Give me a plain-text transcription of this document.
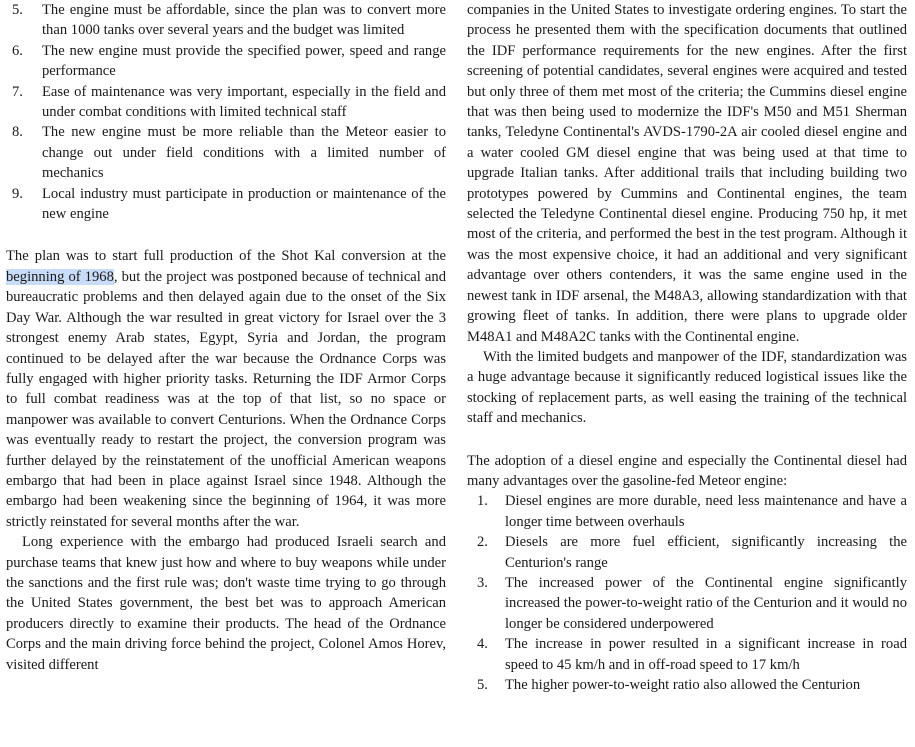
5.	The engine must be affordable, since the plan was to convert more than 1000 tanks over several years and the budget was limited
6.	The new engine must provide the specified power, speed and range performance
7.	Ease of maintenance was very important, especially in the field and under combat conditions with limited technical staff
8.	The new engine must be more reliable than the Meteor easier to change out under field conditions with a limited number of mechanics
9.	Local industry must participate in production or maintenance of the new engine

The plan was to start full production of the Shot Kal conversion at the beginning of 1968, but the project was postponed because of technical and bureaucratic problems and then delayed again due to the onset of the Six Day War. Although the war resulted in great victory for Israel over the 3 strongest enemy Arab states, Egypt, Syria and Jordan, the program continued to be delayed after the war because the Ordnance Corps was fully engaged with higher priority tasks. Returning the IDF Armor Corps to full combat readiness was at the top of that list, so no space or manpower was available to convert Centurions. When the Ordnance Corps was eventually ready to restart the project, the conversion program was further delayed by the reinstatement of the unofficial American weapons embargo that had been in place against Israel since 1948. Although the embargo had been weakening since the beginning of 1964, it was more strictly reinstated for several months after the war.

Long experience with the embargo had produced Israeli search and purchase teams that knew just how and where to buy weapons while under the sanctions and the first rule was; don't waste time trying to go through the United States government, the best bet was to approach American producers directly to examine their products. The head of the Ordnance Corps and the main driving force behind the project, Colonel Amos Horev, visited different

companies in the United States to investigate ordering engines. To start the process he presented them with the specification documents that outlined the IDF performance requirements for the new engines. After the first screening of potential candidates, several engines were acquired and tested but only three of them met most of the criteria; the Cummins diesel engine that was then being used to modernize the IDF's M50 and M51 Sherman tanks, Teledyne Continental's AVDS-1790-2A air cooled diesel engine and a water cooled GM diesel engine that was being used at that time to upgrade Italian tanks. After additional trails that including building two prototypes powered by Cummins and Continental engines, the team selected the Teledyne Continental diesel engine. Producing 750 hp, it met most of the criteria, and performed the best in the test program. Although it was the most expensive choice, it had an additional and very significant advantage over others contenders, it was the same engine used in the newest tank in IDF arsenal, the M48A3, allowing standardization with that growing fleet of tanks. In addition, there were plans to upgrade older M48A1 and M48A2C tanks with the Continental engine.

With the limited budgets and manpower of the IDF, standardization was a huge advantage because it significantly reduced logistical issues like the stocking of replacement parts, as well easing the training of the technical staff and mechanics.

The adoption of a diesel engine and especially the Continental diesel had many advantages over the gasoline-fed Meteor engine:

1.	Diesel engines are more durable, need less maintenance and have a longer time between overhauls
2.	Diesels are more fuel efficient, significantly increasing the Centurion's range
3.	The increased power of the Continental engine significantly increased the power-to-weight ratio of the Centurion and it would no longer be considered underpowered
4.	The increase in power resulted in a significant increase in road speed to 45 km/h and in off-road speed to 17 km/h
5.	The higher power-to-weight ratio also allowed the Centurion
